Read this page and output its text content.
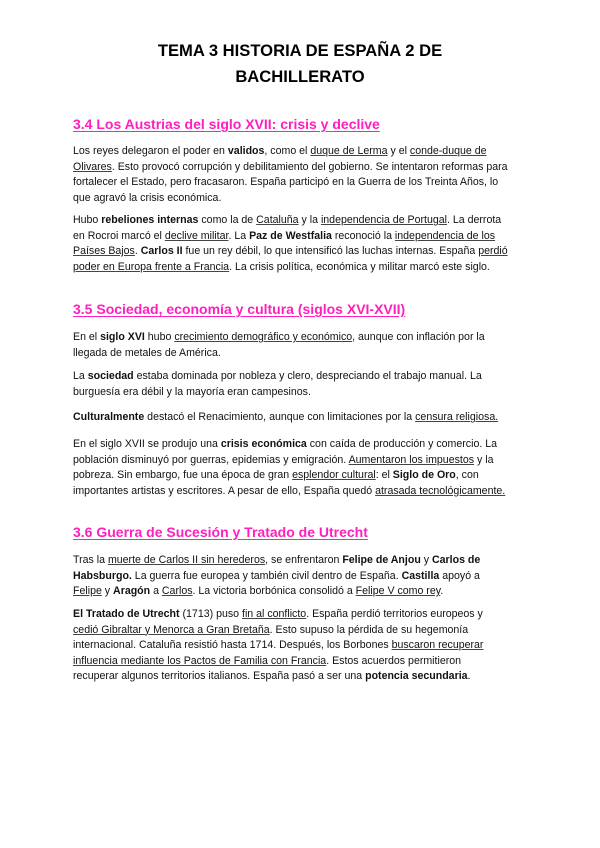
TEMA 3 HISTORIA DE ESPAÑA 2 DE
BACHILLERATO
3.4 Los Austrias del siglo XVII: crisis y declive
Los reyes delegaron el poder en validos, como el duque de Lerma y el conde-duque de
Olivares. Esto provocó corrupción y debilitamiento del gobierno. Se intentaron reformas para
fortalecer el Estado, pero fracasaron. España participó en la Guerra de los Treinta Años, lo
que agravó la crisis económica.
Hubo rebeliones internas como la de Cataluña y la independencia de Portugal. La derrota
en Rocroi marcó el declive militar. La Paz de Westfalia reconoció la independencia de los
Países Bajos. Carlos II fue un rey débil, lo que intensificó las luchas internas. España perdió
poder en Europa frente a Francia. La crisis política, económica y militar marcó este siglo.
3.5 Sociedad, economía y cultura (siglos XVI-XVII)
En el siglo XVI hubo crecimiento demográfico y económico, aunque con inflación por la
llegada de metales de América.
La sociedad estaba dominada por nobleza y clero, despreciando el trabajo manual. La
burguesía era débil y la mayoría eran campesinos.
Culturalmente destacó el Renacimiento, aunque con limitaciones por la censura religiosa.
En el siglo XVII se produjo una crisis económica con caída de producción y comercio. La
población disminuyó por guerras, epidemias y emigración. Aumentaron los impuestos y la
pobreza. Sin embargo, fue una época de gran esplendor cultural: el Siglo de Oro, con
importantes artistas y escritores. A pesar de ello, España quedó atrasada tecnológicamente.
3.6 Guerra de Sucesión y Tratado de Utrecht
Tras la muerte de Carlos II sin herederos, se enfrentaron Felipe de Anjou y Carlos de
Habsburgo. La guerra fue europea y también civil dentro de España. Castilla apoyó a
Felipe y Aragón a Carlos. La victoria borbónica consolidó a Felipe V como rey.
El Tratado de Utrecht (1713) puso fin al conflicto. España perdió territorios europeos y
cedió Gibraltar y Menorca a Gran Bretaña. Esto supuso la pérdida de su hegemonía
internacional. Cataluña resistió hasta 1714. Después, los Borbones buscaron recuperar
influencia mediante los Pactos de Familia con Francia. Estos acuerdos permitieron
recuperar algunos territorios italianos. España pasó a ser una potencia secundaria.
